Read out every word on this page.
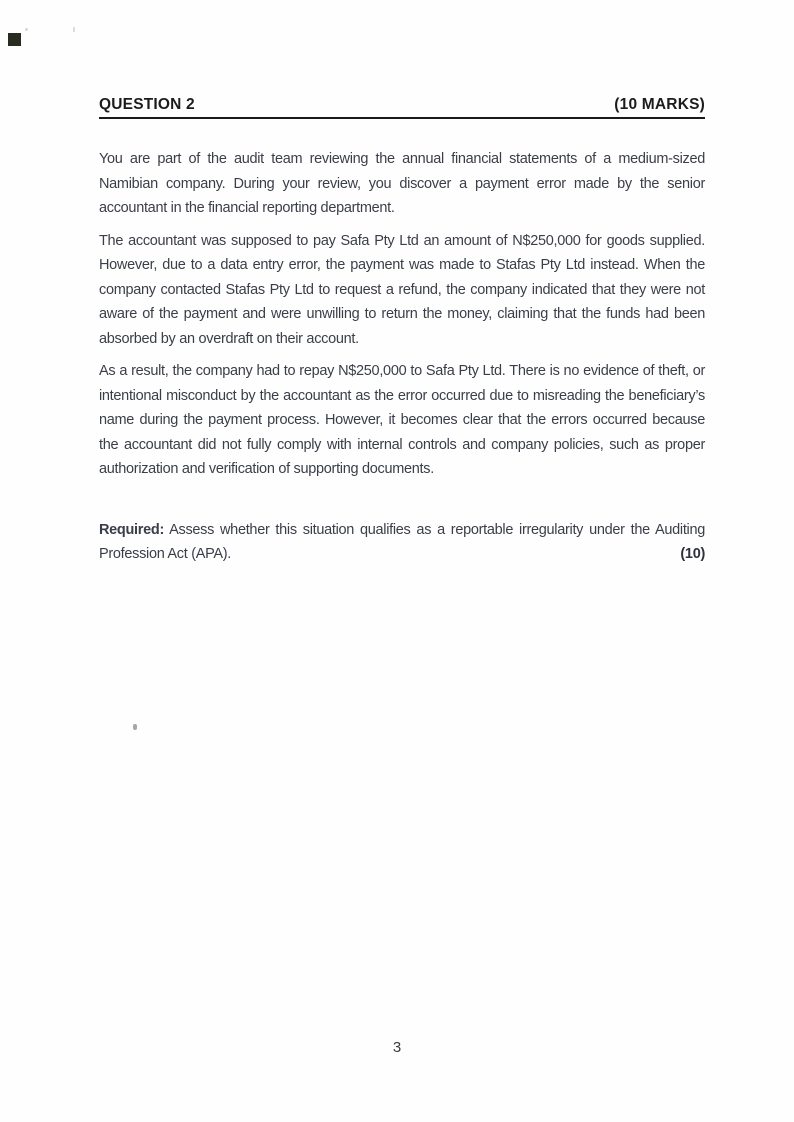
QUESTION 2	(10 MARKS)

You are part of the audit team reviewing the annual financial statements of a medium-sized Namibian company. During your review, you discover a payment error made by the senior accountant in the financial reporting department.

The accountant was supposed to pay Safa Pty Ltd an amount of N$250,000 for goods supplied. However, due to a data entry error, the payment was made to Stafas Pty Ltd instead. When the company contacted Stafas Pty Ltd to request a refund, the company indicated that they were not aware of the payment and were unwilling to return the money, claiming that the funds had been absorbed by an overdraft on their account.

As a result, the company had to repay N$250,000 to Safa Pty Ltd. There is no evidence of theft, or intentional misconduct by the accountant as the error occurred due to misreading the beneficiary’s name during the payment process. However, it becomes clear that the errors occurred because the accountant did not fully comply with internal controls and company policies, such as proper authorization and verification of supporting documents.

Required: Assess whether this situation qualifies as a reportable irregularity under the Auditing Profession Act (APA).	(10)

3
